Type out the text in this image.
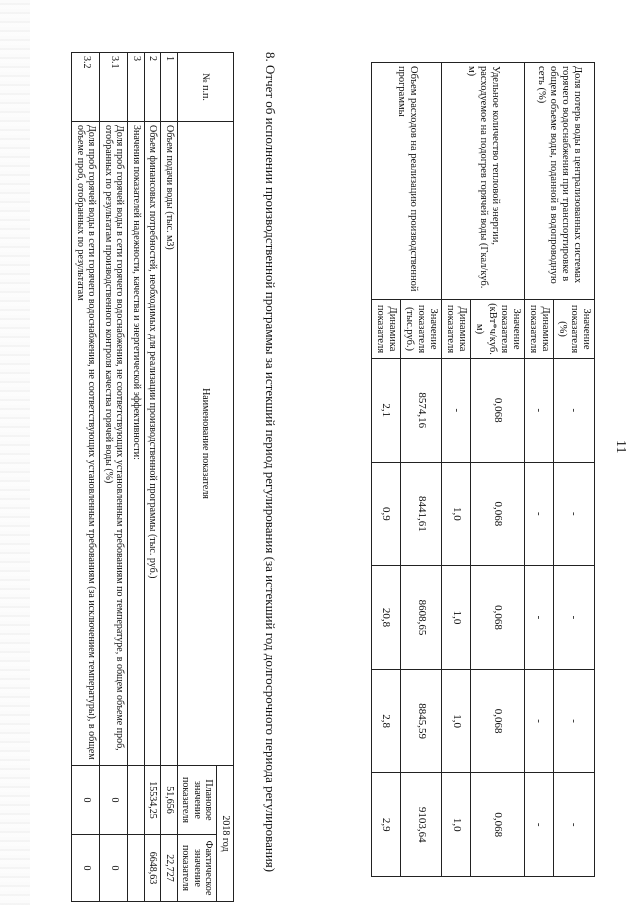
11
Доля потерь воды в централизованных системах горячего водоснабжения при транспортировке в общем объеме воды, поданной в водопроводную сеть (%)	Значение показателя (%)	-	-	-	-	-
	Динамика показателя	-	-	-	-	-
Удельное количество тепловой энергии, расходуемое на подогрев горячей воды (Гкал/куб. м)	Значение показателя (кВт*ч/куб. м)	0,068	0,068	0,068	0,068	0,068
	Динамика показателя	-	1,0	1,0	1,0	1,0
Объем расходов на реализацию производственной программы	Значение показателя (тыс.руб.)	8574,16	8441,61	8608,65	8845,59	9103,64
	Динамика показателя	2,1	0,9	20,8	2,8	2,9
8. Отчет об исполнении производственной программы за истекший период регулирования (за истекший год долгосрочного периода регулирования)
№ п.п.	Наименование показателя	2018 год	
		Плановое значение показателя	Фактическое значение показателя
1	Объем подачи воды (тыс. м3)	51,656	22,727
2	Объем финансовых потребностей, необходимых для реализации производственной программы (тыс. руб.)	15534,25	6648,63
3	Значения показателей надежности, качества и энергетической эффективности:		
3.1	Доля проб горячей воды в сети горячего водоснабжения, не соответствующих установленным требованиям по температуре, в общем объеме проб, отобранных по результатам производственного контроля качества горячей воды (%)	0	0
3.2	Доля проб горячей воды в сети горячего водоснабжения, не соответствующих установленным требованиям (за исключением температуры), в общем объеме проб, отобранных по результатам	0	0
